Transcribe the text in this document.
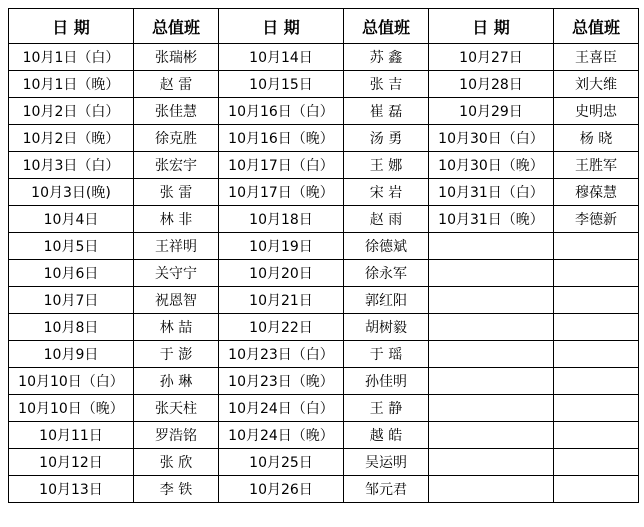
日 期	总值班	日 期	总值班	日 期	总值班
10月1日（白）	张瑞彬	10月14日	苏 鑫	10月27日	王喜臣
10月1日（晚）	赵 雷	10月15日	张 吉	10月28日	刘大维
10月2日（白）	张佳慧	10月16日（白）	崔 磊	10月29日	史明忠
10月2日（晚）	徐克胜	10月16日（晚）	汤 勇	10月30日（白）	杨 晓
10月3日（白）	张宏宇	10月17日（白）	王 娜	10月30日（晚）	王胜军
10月3日(晚)	张 雷	10月17日（晚）	宋 岩	10月31日（白）	穆葆慧
10月4日	林 非	10月18日	赵 雨	10月31日（晚）	李德新
10月5日	王祥明	10月19日	徐德斌		
10月6日	关守宁	10月20日	徐永军		
10月7日	祝恩智	10月21日	郭红阳		
10月8日	林 喆	10月22日	胡树毅		
10月9日	于 澎	10月23日（白）	于 瑶		
10月10日（白）	孙 琳	10月23日（晚）	孙佳明		
10月10日（晚）	张天柱	10月24日（白）	王 静		
10月11日	罗浩铭	10月24日（晚）	越 皓		
10月12日	张 欣	10月25日	吴运明		
10月13日	李 铁	10月26日	邹元君		
